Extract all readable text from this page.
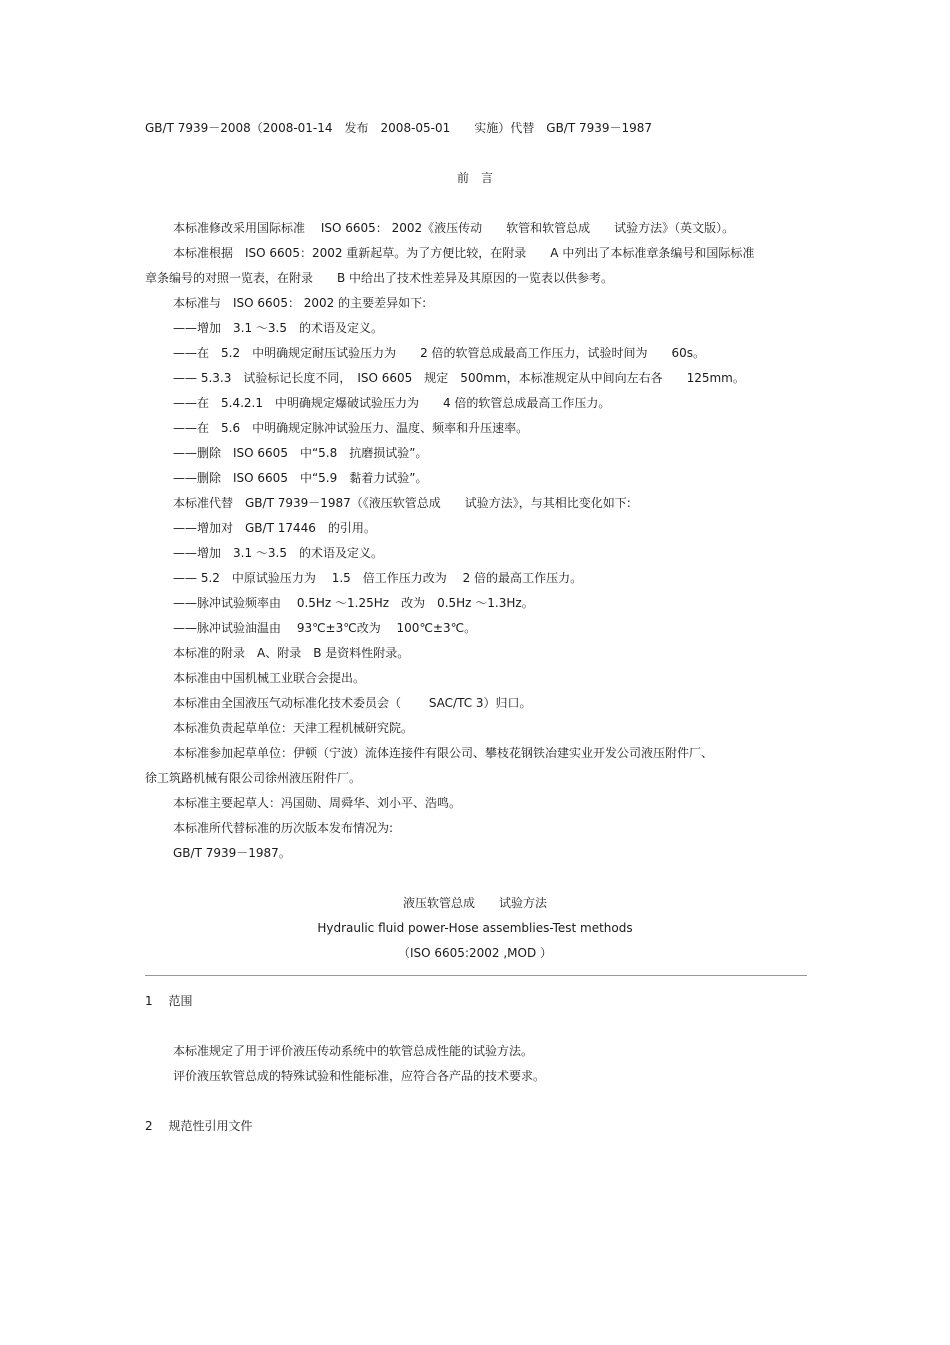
GB/T 7939－2008（2008-01-14　发布　2008-05-01　　实施）代替　GB/T 7939－1987
前　言
本标准修改采用国际标准　 ISO 6605： 2002《液压传动　　软管和软管总成　　试验方法》（英文版）。
本标准根据　ISO 6605：2002 重新起草。为了方便比较，在附录　　A 中列出了本标准章条编号和国际标准
章条编号的对照一览表，在附录　　B 中给出了技术性差异及其原因的一览表以供参考。
本标准与　ISO 6605： 2002 的主要差异如下:
——增加　3.1 ～3.5　的术语及定义。
——在　5.2　中明确规定耐压试验压力为　　2 倍的软管总成最高工作压力，试验时间为　　60s。
—— 5.3.3　试验标记长度不同，　ISO 6605　规定　500mm，本标准规定从中间向左右各　　125mm。
——在　5.4.2.1　中明确规定爆破试验压力为　　4 倍的软管总成最高工作压力。
——在　5.6　中明确规定脉冲试验压力、温度、频率和升压速率。
——删除　ISO 6605　中“5.8　抗磨损试验”。
——删除　ISO 6605　中“5.9　黏着力试验”。
本标准代替　GB/T 7939－1987（《液压软管总成　　试验方法》，与其相比变化如下:
——增加对　GB/T 17446　的引用。
——增加　3.1 ～3.5　的术语及定义。
—— 5.2　中原试验压力为　 1.5　倍工作压力改为　 2 倍的最高工作压力。
——脉冲试验频率由　 0.5Hz ～1.25Hz　改为　0.5Hz ～1.3Hz。
——脉冲试验油温由　 93℃±3℃改为　 100℃±3℃。
本标准的附录　A、附录　B 是资料性附录。
本标准由中国机械工业联合会提出。
本标准由全国液压气动标准化技术委员会（　　 SAC/TC 3）归口。
本标准负责起草单位：天津工程机械研究院。
本标准参加起草单位：伊顿（宁波）流体连接件有限公司、攀枝花钢铁冶建实业开发公司液压附件厂、
徐工筑路机械有限公司徐州液压附件厂。
本标准主要起草人：冯国勋、周舜华、刘小平、浩鸣。
本标准所代替标准的历次版本发布情况为:
GB/T 7939－1987。
液压软管总成　　试验方法
Hydraulic fluid power-Hose assemblies-Test methods
（ISO 6605:2002 ,MOD ）
1　 范围
本标准规定了用于评价液压传动系统中的软管总成性能的试验方法。
评价液压软管总成的特殊试验和性能标准，应符合各产品的技术要求。
2　 规范性引用文件
